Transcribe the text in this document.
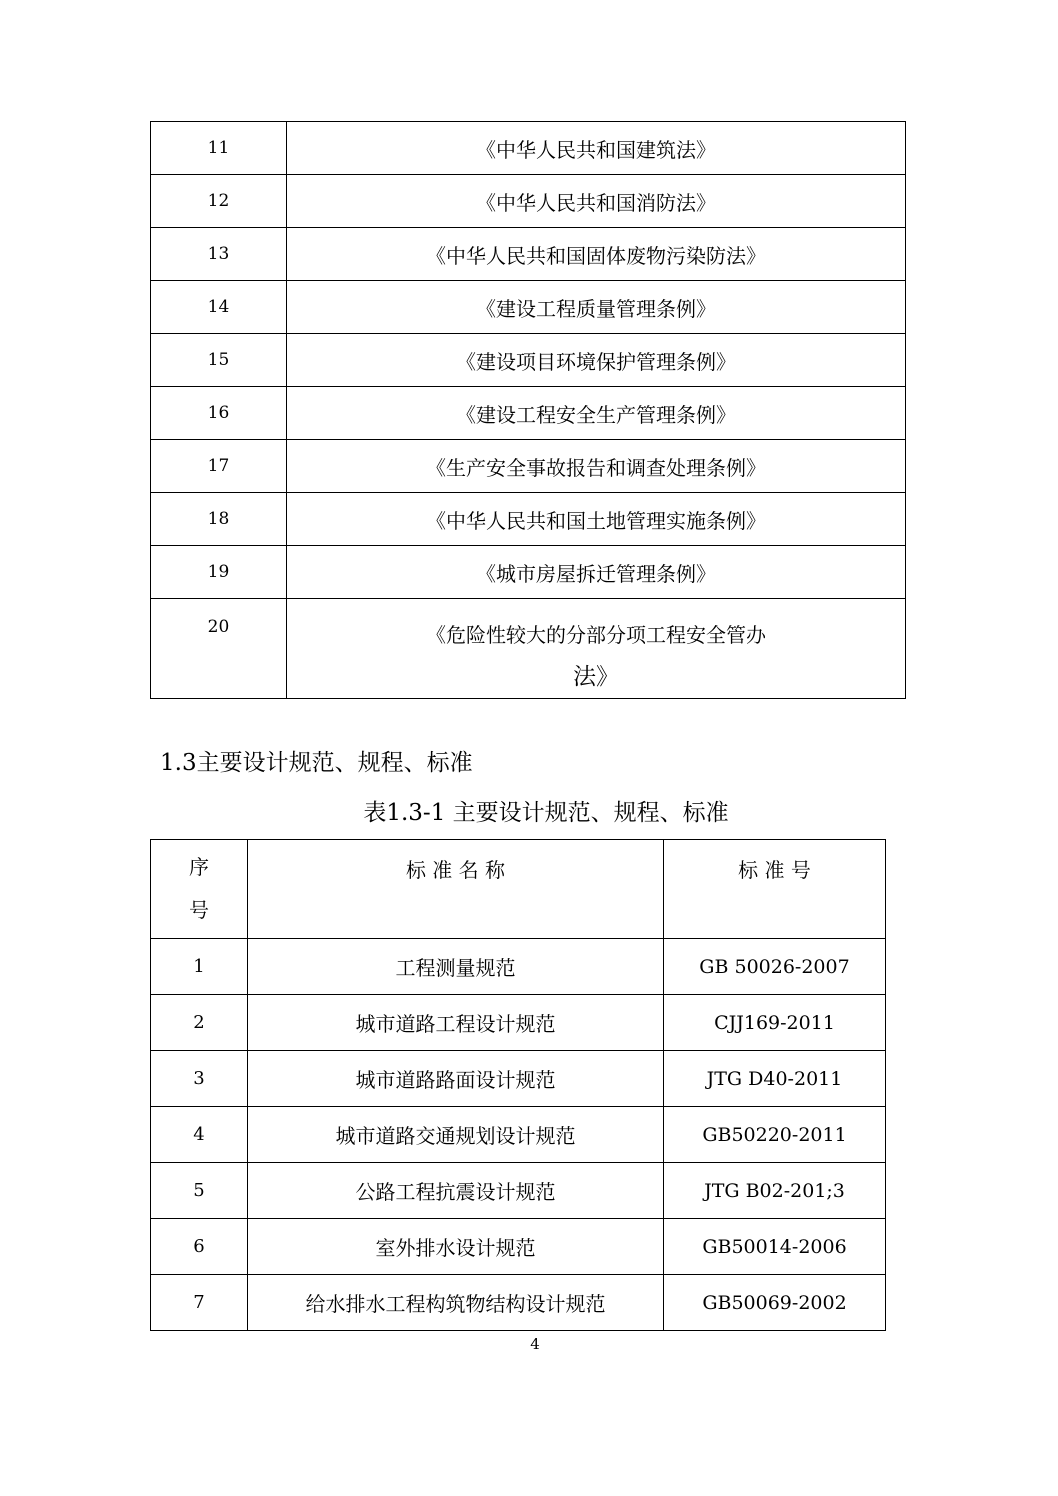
11	《中华人民共和国建筑法》
12	《中华人民共和国消防法》
13	《中华人民共和国固体废物污染防法》
14	《建设工程质量管理条例》
15	《建设项目环境保护管理条例》
16	《建设工程安全生产管理条例》
17	《生产安全事故报告和调查处理条例》
18	《中华人民共和国土地管理实施条例》
19	《城市房屋拆迁管理条例》
20	《危险性较大的分部分项工程安全管办
法》
1.3主要设计规范、规程、标准
表1.3-1 主要设计规范、规程、标准
序
号	标 准 名 称	标 准 号
1	工程测量规范	GB 50026-2007
2	城市道路工程设计规范	CJJ169-2011
3	城市道路路面设计规范	JTG D40-2011
4	城市道路交通规划设计规范	GB50220-2011
5	公路工程抗震设计规范	JTG B02-201;3
6	室外排水设计规范	GB50014-2006
7	给水排水工程构筑物结构设计规范	GB50069-2002
4
